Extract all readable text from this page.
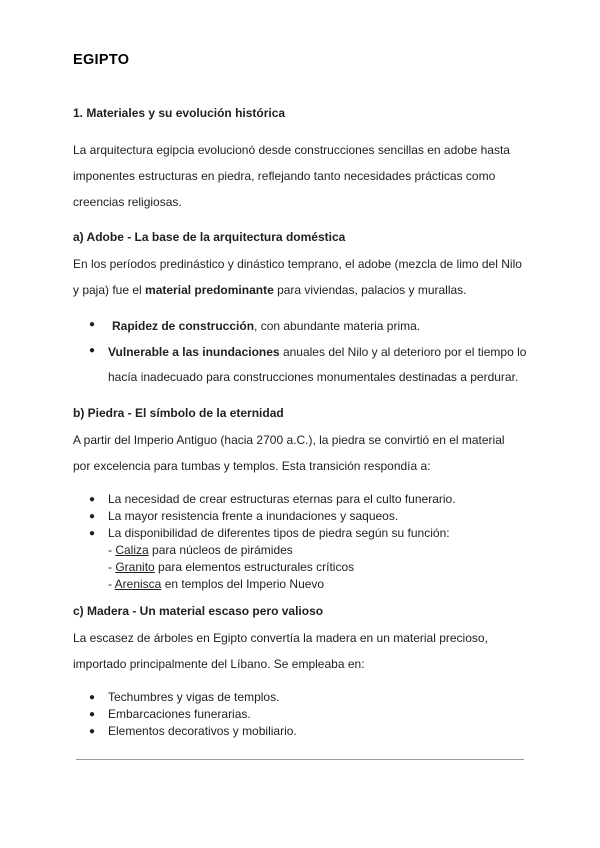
EGIPTO
1. Materiales y su evolución histórica

La arquitectura egipcia evolucionó desde construcciones sencillas en adobe hasta

imponentes estructuras en piedra, reflejando tanto necesidades prácticas como

creencias religiosas.

a) Adobe - La base de la arquitectura doméstica

En los períodos predinástico y dinástico temprano, el adobe (mezcla de limo del Nilo

y paja) fue el material predominante para viviendas, palacios y murallas.

● Rapidez de construcción, con abundante materia prima.

● Vulnerable a las inundaciones anuales del Nilo y al deterioro por el tiempo lo

hacía inadecuado para construcciones monumentales destinadas a perdurar.

b) Piedra - El símbolo de la eternidad

A partir del Imperio Antiguo (hacia 2700 a.C.), la piedra se convirtió en el material

por excelencia para tumbas y templos. Esta transición respondía a:

● La necesidad de crear estructuras eternas para el culto funerario.

● La mayor resistencia frente a inundaciones y saqueos.

● La disponibilidad de diferentes tipos de piedra según su función:

- Caliza para núcleos de pirámides

- Granito para elementos estructurales críticos

- Arenisca en templos del Imperio Nuevo

c) Madera - Un material escaso pero valioso

La escasez de árboles en Egipto convertía la madera en un material precioso,

importado principalmente del Líbano. Se empleaba en:

● Techumbres y vigas de templos.

● Embarcaciones funerarias.

● Elementos decorativos y mobiliario.
